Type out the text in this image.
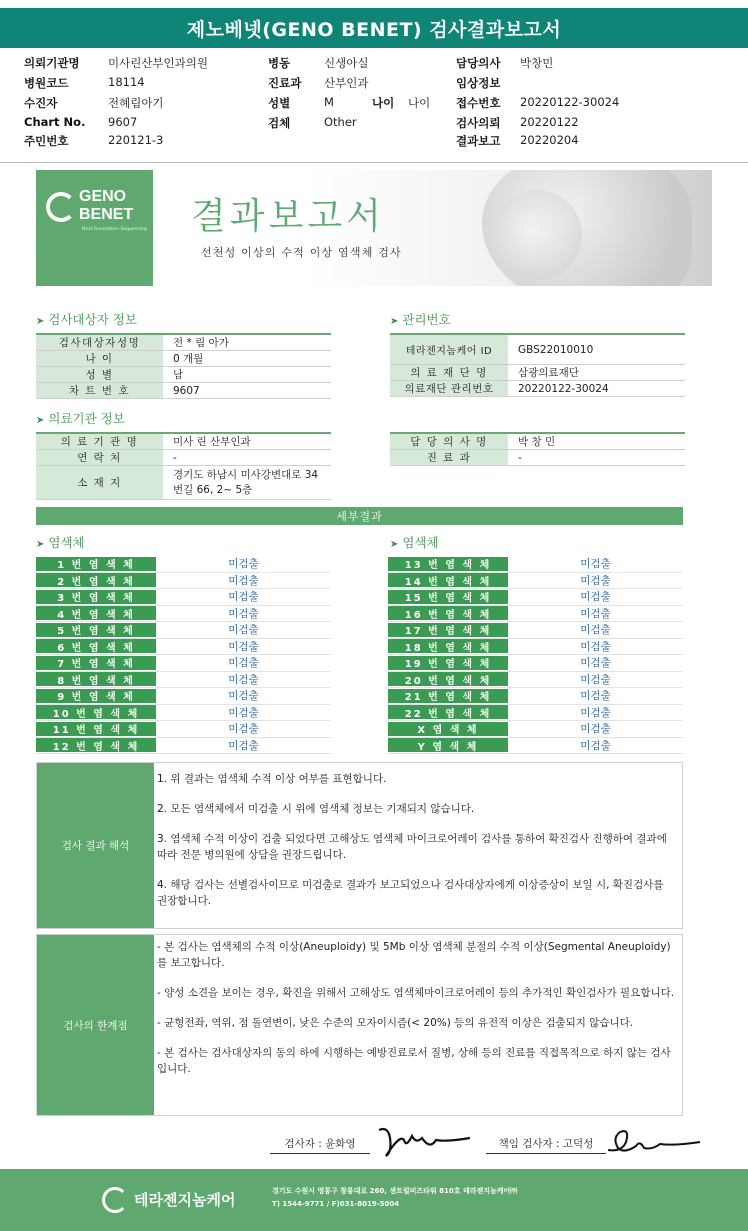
제노베넷(GENO BENET) 검사결과보고서
의뢰기관명 미사린산부인과의원
병원코드	18114
수진자	전혜림아기
Chart No. 9607
주민번호	220121-3
병동	신생아실
진료과 산부인과
성별	M	나이 나이
검체	Other
담당의사 박창민
임상정보
접수번호 20220122-30024
검사의뢰 20220122
결과보고 20220204
GENO
BENET
Next Generation Sequencing 결과보고서
선천성 이상의 수적 이상 염색체 검사
➤ 검사대상자 정보	➤ 관리번호
검사대상자성명	전 * 림 아가
나 이	0 개월
성 별	남
차 트 번 호	9607
테라젠지놈케어 ID	GBS22010010
의 료 재 단 명	삼광의료재단
의료재단 관리번호	20220122-30024
➤ 의료기관 정보
의 료 기 관 명	미사 린 산부인과
연 락 처	-
소 재 지
경기도 하남시 미사강변대로 34 번길 66, 2~ 5층
담 당 의 사 명	박 창 민
진 료 과	-
세부결과
➤ 염색체	➤ 염색체
1 번 염 색 체	미검출
2 번 염 색 체	미검출
3 번 염 색 체	미검출
4 번 염 색 체	미검출
5 번 염 색 체	미검출
6 번 염 색 체	미검출
7 번 염 색 체	미검출
8 번 염 색 체	미검출
9 번 염 색 체	미검출
10 번 염 색 체	미검출
11 번 염 색 체	미검출
12 번 염 색 체	미검출
13 번 염 색 체	미검출
14 번 염 색 체	미검출
15 번 염 색 체	미검출
16 번 염 색 체	미검출
17 번 염 색 체	미검출
18 번 염 색 체	미검출
19 번 염 색 체	미검출
20 번 염 색 체	미검출
21 번 염 색 체	미검출
22 번 염 색 체	미검출
X 염 색 체	미검출
Y 염 색 체	미검출
검사 결과 해석

1. 위 결과는 염색체 수적 이상 여부를 표현합니다.

2. 모든 염색체에서 미검출 시 위에 염색체 정보는 기재되지 않습니다.

3. 염색체 수적 이상이 검출 되었다면 고해상도 염색체 마이크로어레이 검사를 통하여 확진검사 진행하여 결과에 따라 전문 병의원에 상담을 권장드립니다.

4. 해당 검사는 선별검사이므로 미검출로 결과가 보고되었으나 검사대상자에게 이상증상이 보일 시, 확진검사를 권장합니다.

검사의 한계점

- 본 검사는 염색체의 수적 이상(Aneuploidy) 및 5Mb 이상 염색체 분절의 수적 이상(Segmental Aneuploidy)를 보고합니다.

- 양성 소견을 보이는 경우, 확진을 위해서 고해상도 염색체마이크로어레이 등의 추가적인 확인검사가 필요합니다.

- 균형전좌, 역위, 점 돌연변이, 낮은 수준의 모자이시즘(< 20%) 등의 유전적 이상은 검출되지 않습니다.

- 본 검사는 검사대상자의 동의 하에 시행하는 예방진료로서 질병, 상해 등의 진료를 직접목적으로 하지 않는 검사입니다.

검사자 : 윤화영	책임 검사자 : 고덕성
테라젠지놈케어	경기도 수원시 영통구 창룡대로 260, 센트럴비즈타워 810호 테라젠지놈케어㈜
T) 1544-9771 / F)031-8019-5004
